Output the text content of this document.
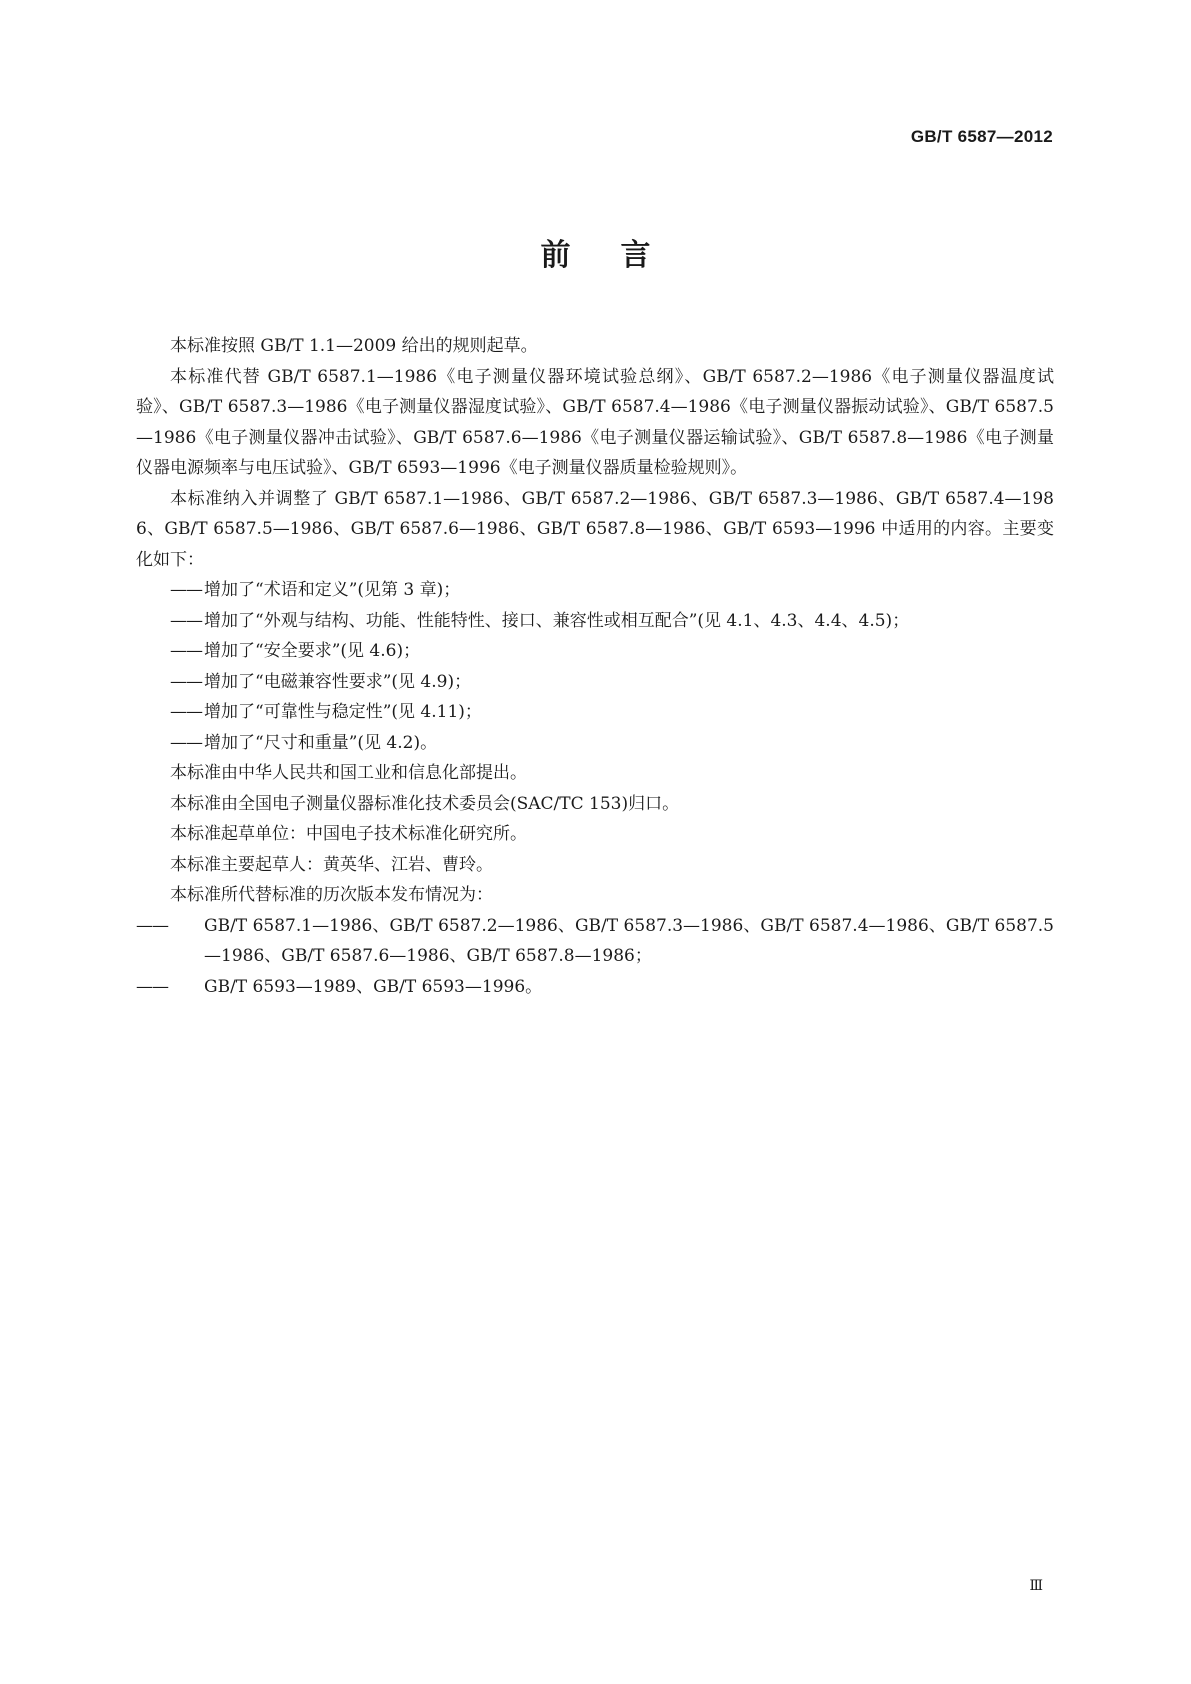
GB/T 6587—2012
前言

本标准按照 GB/T 1.1—2009 给出的规则起草。

本标准代替 GB/T 6587.1—1986《电子测量仪器环境试验总纲》、GB/T 6587.2—1986《电子测量仪器温度试验》、GB/T 6587.3—1986《电子测量仪器湿度试验》、GB/T 6587.4—1986《电子测量仪器振动试验》、GB/T 6587.5—1986《电子测量仪器冲击试验》、GB/T 6587.6—1986《电子测量仪器运输试验》、GB/T 6587.8—1986《电子测量仪器电源频率与电压试验》、GB/T 6593—1996《电子测量仪器质量检验规则》。

本标准纳入并调整了 GB/T 6587.1—1986、GB/T 6587.2—1986、GB/T 6587.3—1986、GB/T 6587.4—1986、GB/T 6587.5—1986、GB/T 6587.6—1986、GB/T 6587.8—1986、GB/T 6593—1996 中适用的内容。主要变化如下：

—— 增加了“术语和定义”(见第 3 章)；

—— 增加了“外观与结构、功能、性能特性、接口、兼容性或相互配合”(见 4.1、4.3、4.4、4.5)；

—— 增加了“安全要求”(见 4.6)；

—— 增加了“电磁兼容性要求”(见 4.9)；

—— 增加了“可靠性与稳定性”(见 4.11)；

—— 增加了“尺寸和重量”(见 4.2)。

本标准由中华人民共和国工业和信息化部提出。

本标准由全国电子测量仪器标准化技术委员会(SAC/TC 153)归口。

本标准起草单位：中国电子技术标准化研究所。

本标准主要起草人：黄英华、江岩、曹玲。

本标准所代替标准的历次版本发布情况为：

—— GB/T 6587.1—1986、GB/T 6587.2—1986、GB/T 6587.3—1986、GB/T 6587.4—1986、GB/T 6587.5—1986、GB/T 6587.6—1986、GB/T 6587.8—1986；

—— GB/T 6593—1989、GB/T 6593—1996。

Ⅲ
